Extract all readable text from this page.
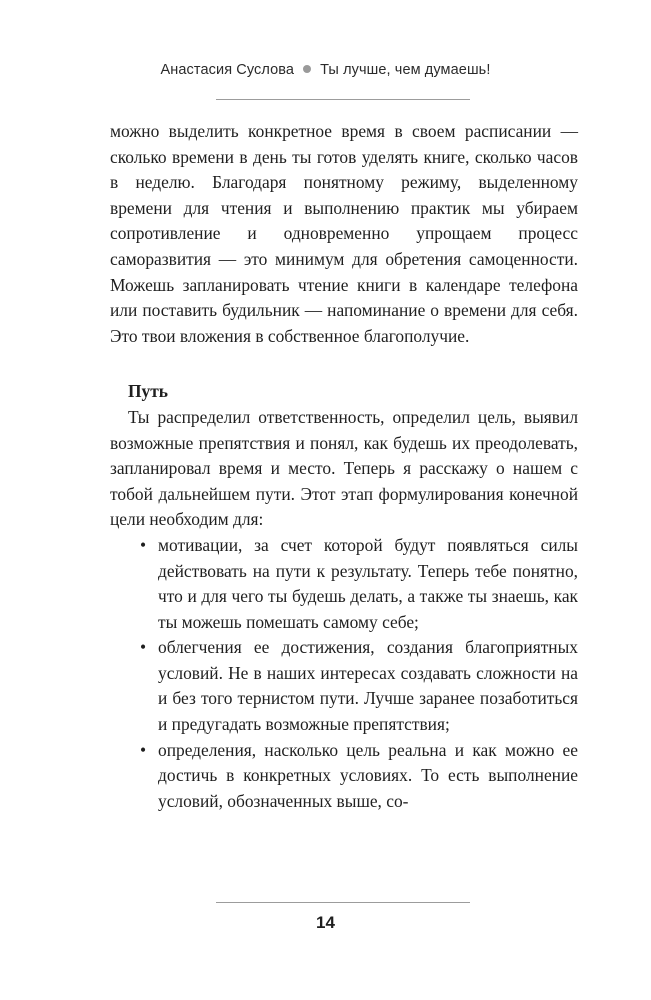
Анастасия Суслова Ты лучше, чем думаешь!

можно выделить конкретное время в своем расписании — сколько времени в день ты готов уделять книге, сколько часов в неделю. Благодаря понятному режиму, выделенному времени для чтения и выполнению практик мы убираем сопротивление и одновременно упрощаем процесс саморазвития — это минимум для обретения самоценности. Можешь запланировать чтение книги в календаре телефона или поставить будильник — напоминание о времени для себя. Это твои вложения в собственное благополучие.

Путь

Ты распределил ответственность, определил цель, выявил возможные препятствия и понял, как будешь их преодолевать, запланировал время и место. Теперь я расскажу о нашем с тобой дальнейшем пути. Этот этап формулирования конечной цели необходим для:

• мотивации, за счет которой будут появляться силы действовать на пути к результату. Теперь тебе понятно, что и для чего ты будешь делать, а также ты знаешь, как ты можешь помешать самому себе;
• облегчения ее достижения, создания благоприятных условий. Не в наших интересах создавать сложности на и без того тернистом пути. Лучше заранее позаботиться и предугадать возможные препятствия;
• определения, насколько цель реальна и как можно ее достичь в конкретных условиях. То есть выполнение условий, обозначенных выше, со-
14
